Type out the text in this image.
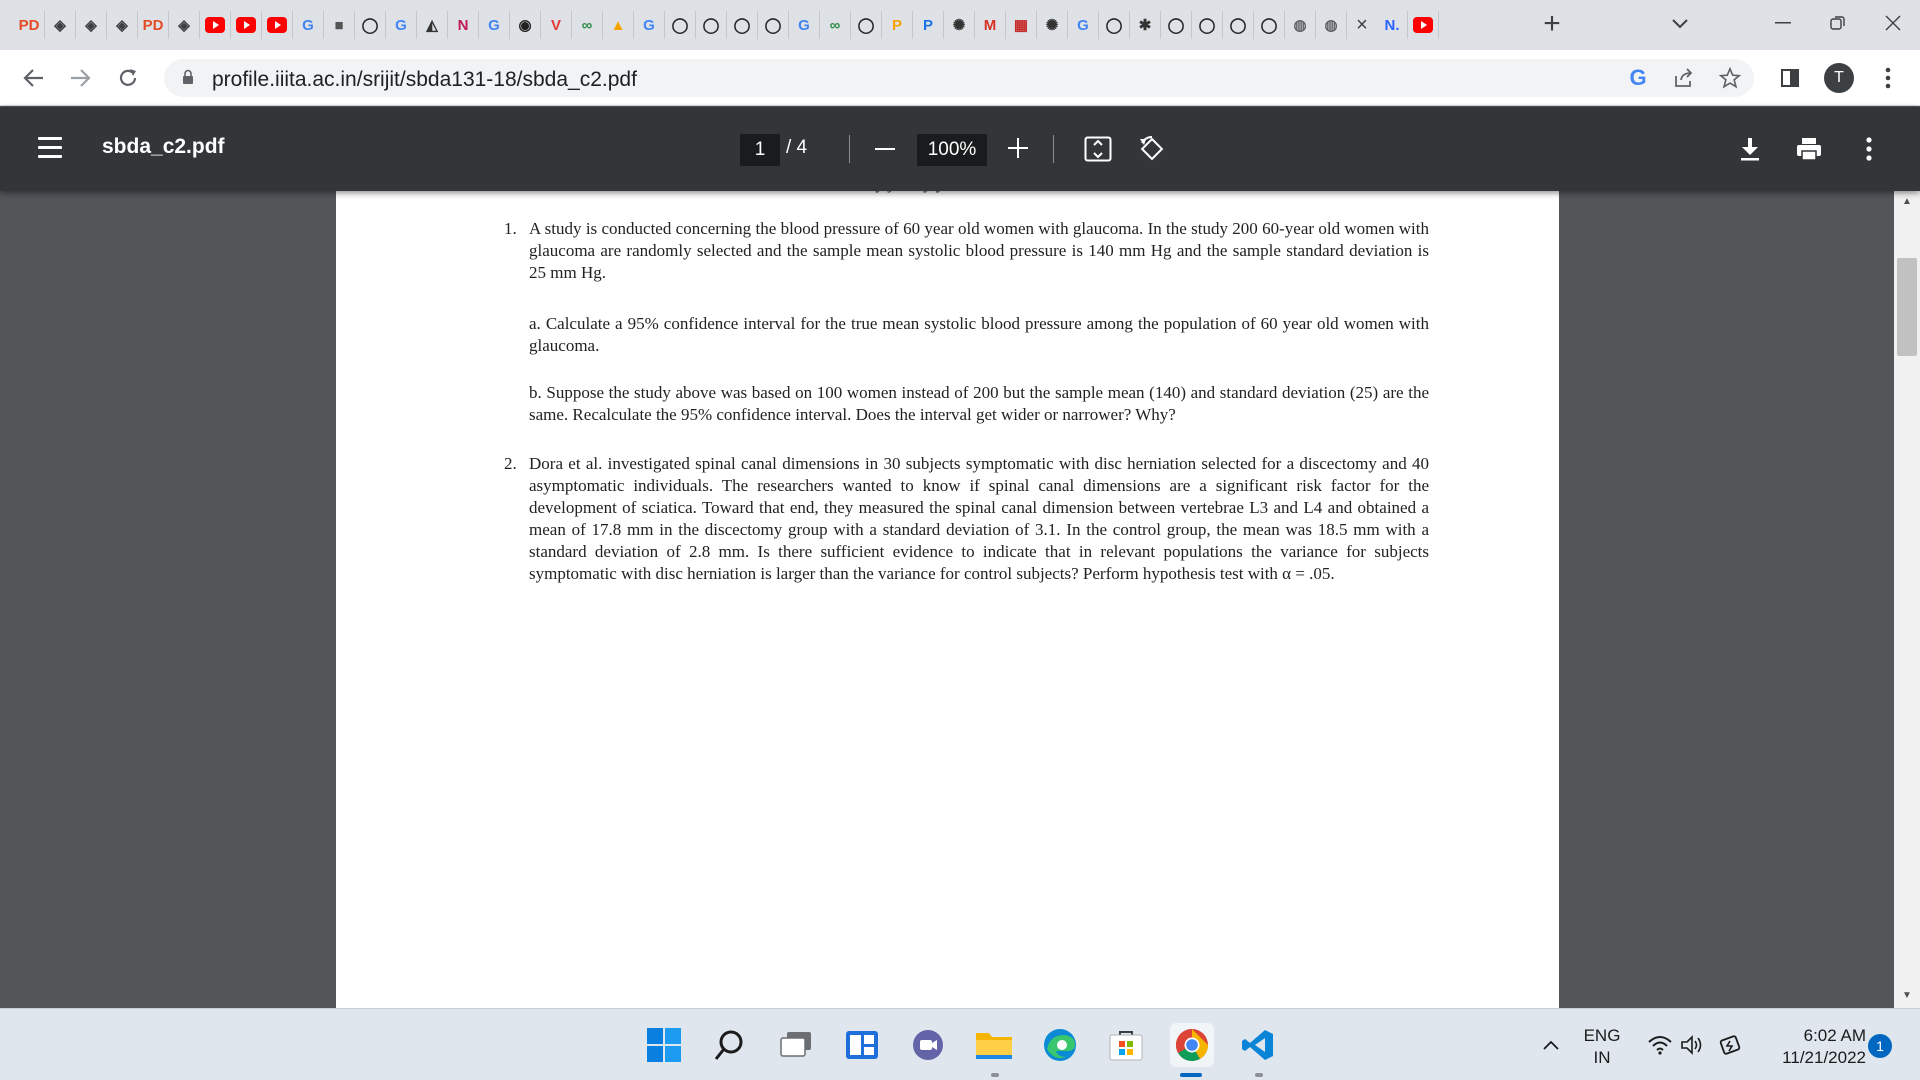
PD ◈	◈	◈ PD ◈	G	■	◯	G	◭	N	G	◉	V	∞	▲	G	◯ ◯ ◯ ◯	G	∞	◯	P	P	✺	M	▦	✺	G	◯	✱	◯ ◯ ◯ ◯	◍	◍ ×	N.	+
profile.iiita.ac.in/srijit/sbda131-18/sbda_c2.pdf	G	T
sbda_c2.pdf	1	/ 4	100%
1. A study is conducted concerning the blood pressure of 60 year old women with glaucoma. In the study 200 60-year old women with glaucoma are randomly selected and the sample mean systolic blood pressure is 140 mm Hg and the sample standard deviation is 25 mm Hg.
a. Calculate a 95% confidence interval for the true mean systolic blood pressure among the population of 60 year old women with glaucoma.
b. Suppose the study above was based on 100 women instead of 200 but the sample mean (140) and standard deviation (25) are the same. Recalculate the 95% confidence interval. Does the interval get wider or narrower? Why?
2. Dora et al. investigated spinal canal dimensions in 30 subjects symptomatic with disc herniation selected for a discectomy and 40 asymptomatic individuals. The researchers wanted to know if spinal canal dimensions are a significant risk factor for the development of sciatica. Toward that end, they measured the spinal canal dimension between vertebrae L3 and L4 and obtained a mean of 17.8 mm in the discectomy group with a standard deviation of 3.1. In the control group, the mean was 18.5 mm with a standard deviation of 2.8 mm. Is there sufficient evidence to indicate that in relevant populations the variance for subjects symptomatic with disc herniation is larger than the variance for control subjects? Perform hypothesis test with α = .05.
▲
▼
ENG
IN
6:02 AM
11/21/2022
1
